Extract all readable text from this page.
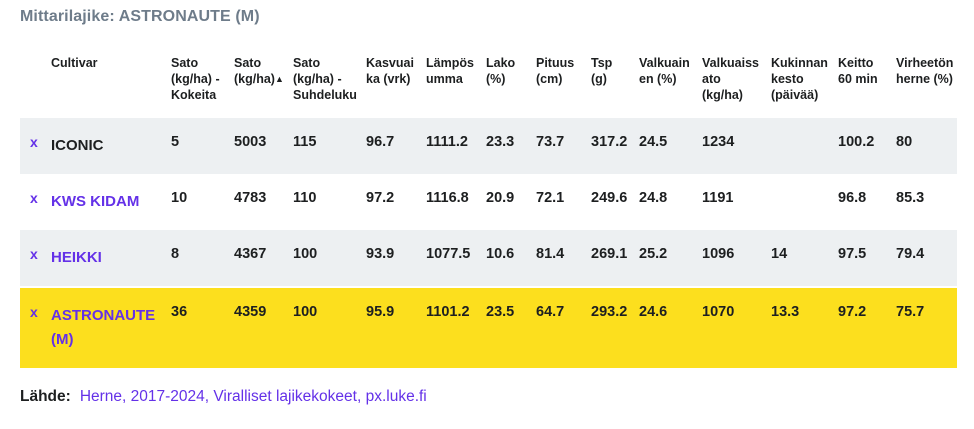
Mittarilajike: ASTRONAUTE (M)
	Cultivar	Sato (kg/ha) - Kokeita	Sato (kg/ha)▲	Sato (kg/ha) - Suhdeluku	Kasvuaika (vrk)	Lämpösumma	Lako (%)	Pituus (cm)	Tsp (g)	Valkuainen (%)	Valkuaissato (kg/ha)	Kukinnan kesto (päivää)	Keitto 60 min	Virheetön herne (%)
x	ICONIC	5	5003	115	96.7	1111.2	23.3	73.7	317.2	24.5	1234		100.2	80
x	KWS KIDAM	10	4783	110	97.2	1116.8	20.9	72.1	249.6	24.8	1191		96.8	85.3
x	HEIKKI	8	4367	100	93.9	1077.5	10.6	81.4	269.1	25.2	1096	14	97.5	79.4
x	ASTRONAUTE (M)	36	4359	100	95.9	1101.2	23.5	64.7	293.2	24.6	1070	13.3	97.2	75.7
Lähde: Herne, 2017-2024, Viralliset lajikekokeet, px.luke.fi
